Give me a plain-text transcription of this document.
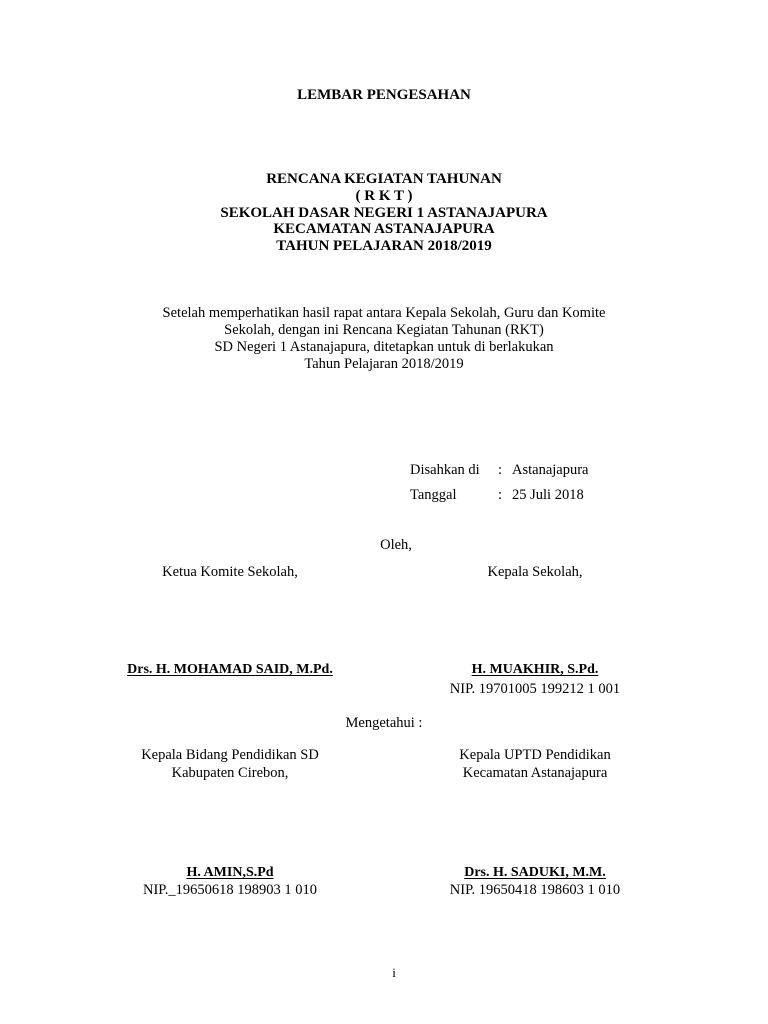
LEMBAR PENGESAHAN
RENCANA KEGIATAN TAHUNAN
( R K T )
SEKOLAH DASAR NEGERI 1 ASTANAJAPURA
KECAMATAN ASTANAJAPURA
TAHUN PELAJARAN 2018/2019
Setelah memperhatikan hasil rapat antara Kepala Sekolah, Guru dan Komite
Sekolah, dengan ini Rencana Kegiatan Tahunan (RKT)
SD Negeri 1 Astanajapura, ditetapkan untuk di berlakukan
Tahun Pelajaran 2018/2019
Disahkan di : Astanajapura
Tanggal	: 25 Juli 2018
Oleh,
Ketua Komite Sekolah,	Kepala Sekolah,
Drs. H. MOHAMAD SAID, M.Pd.	H. MUAKHIR, S.Pd.
NIP. 19701005 199212 1 001
Mengetahui :
Kepala Bidang Pendidikan SD
Kabupaten Cirebon,
Kepala UPTD Pendidikan
Kecamatan Astanajapura
H. AMIN,S.Pd
NIP._19650618 198903 1 010
Drs. H. SADUKI, M.M.
NIP. 19650418 198603 1 010
i
